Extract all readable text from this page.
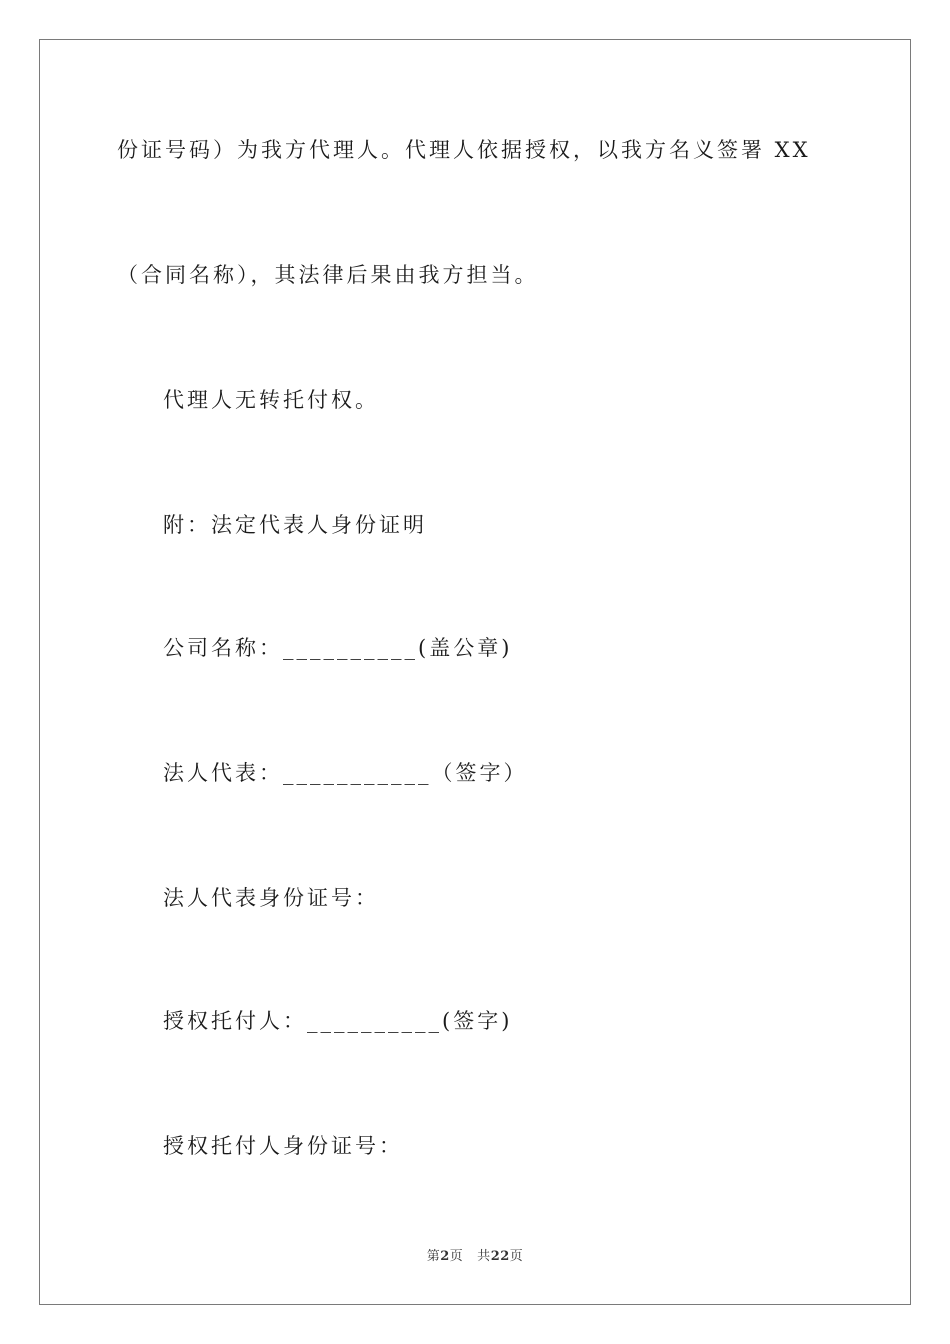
份证号码）为我方代理人。代理人依据授权，以我方名义签署 XX
（合同名称），其法律后果由我方担当。
代理人无转托付权。
附：法定代表人身份证明
公司名称：__________(盖公章)
法人代表：___________（签字）
法人代表身份证号：
授权托付人：__________(签字)
授权托付人身份证号：
第2页 共22页
